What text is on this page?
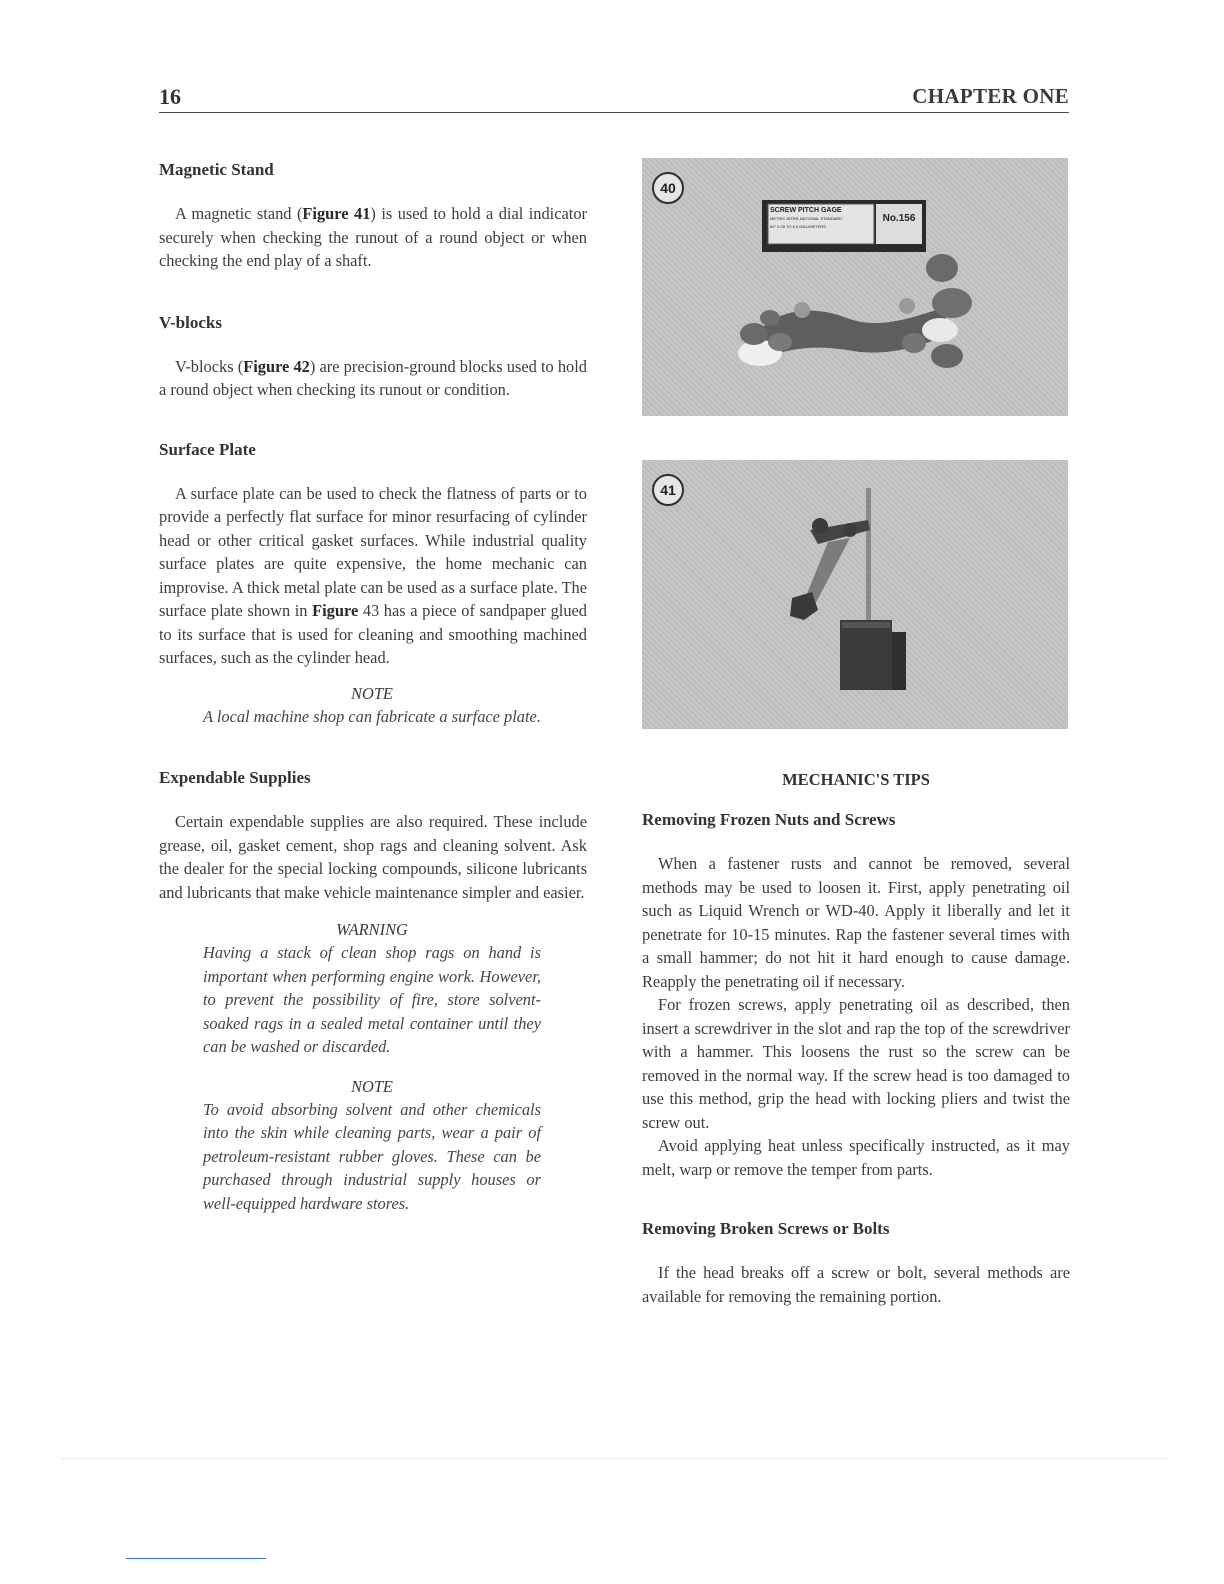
16	CHAPTER ONE
Magnetic Stand

A magnetic stand (Figure 41) is used to hold a dial indicator securely when checking the runout of a round object or when checking the end play of a shaft.

V-blocks

V-blocks (Figure 42) are precision-ground blocks used to hold a round object when checking its runout or condition.

Surface Plate

A surface plate can be used to check the flatness of parts or to provide a perfectly flat surface for minor resurfacing of cylinder head or other critical gasket surfaces. While industrial quality surface plates are quite expensive, the home mechanic can improvise. A thick metal plate can be used as a surface plate. The surface plate shown in Figure 43 has a piece of sandpaper glued to its surface that is used for cleaning and smoothing machined surfaces, such as the cylinder head.

NOTE
A local machine shop can fabricate a surface plate.
Expendable Supplies

Certain expendable supplies are also required. These include grease, oil, gasket cement, shop rags and cleaning solvent. Ask the dealer for the special locking compounds, silicone lubricants and lubricants that make vehicle maintenance simpler and easier.

WARNING
Having a stack of clean shop rags on hand is important when performing engine work. However, to prevent the possibility of fire, store solvent-soaked rags in a sealed metal container until they can be washed or discarded.
NOTE
To avoid absorbing solvent and other chemicals into the skin while cleaning parts, wear a pair of petroleum-resistant rubber gloves. These can be purchased through industrial supply houses or well-equipped hardware stores.
40
SCREW PITCH GAGE
METRIC INTER-NATIONAL STANDARD
60° 0.25 TO 6.0 MILLIMETERS
No.156
41
MECHANIC'S TIPS
Removing Frozen Nuts and Screws

When a fastener rusts and cannot be removed, several methods may be used to loosen it. First, apply penetrating oil such as Liquid Wrench or WD-40. Apply it liberally and let it penetrate for 10-15 minutes. Rap the fastener several times with a small hammer; do not hit it hard enough to cause damage. Reapply the penetrating oil if necessary.

For frozen screws, apply penetrating oil as described, then insert a screwdriver in the slot and rap the top of the screwdriver with a hammer. This loosens the rust so the screw can be removed in the normal way. If the screw head is too damaged to use this method, grip the head with locking pliers and twist the screw out.

Avoid applying heat unless specifically instructed, as it may melt, warp or remove the temper from parts.

Removing Broken Screws or Bolts

If the head breaks off a screw or bolt, several methods are available for removing the remaining portion.
